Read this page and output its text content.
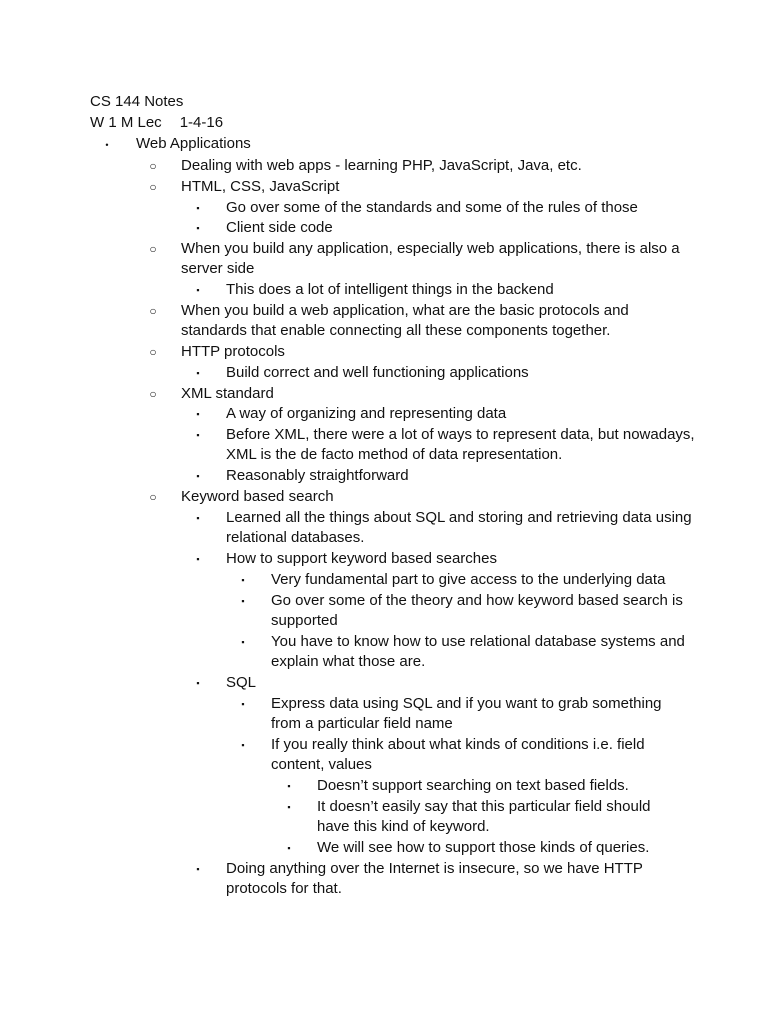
CS 144 Notes
W 1 M Lec 1-4-16
•	Web Applications
○ Dealing with web apps - learning PHP, JavaScript, Java, etc.
○ HTML, CSS, JavaScript
▪	Go over some of the standards and some of the rules of those
▪	Client side code
○ When you build any application, especially web applications, there is also a server side
▪	This does a lot of intelligent things in the backend
○ When you build a web application, what are the basic protocols and standards that enable connecting all these components together.
○ HTTP protocols
▪	Build correct and well functioning applications
○ XML standard
▪	A way of organizing and representing data
▪	Before XML, there were a lot of ways to represent data, but nowadays, XML is the de facto method of data representation.
▪	Reasonably straightforward
○ Keyword based search
▪	Learned all the things about SQL and storing and retrieving data using relational databases.
▪	How to support keyword based searches
▪	Very fundamental part to give access to the underlying data
▪	Go over some of the theory and how keyword based search is supported
▪	You have to know how to use relational database systems and explain what those are.
▪	SQL
▪	Express data using SQL and if you want to grab something from a particular field name
▪	If you really think about what kinds of conditions i.e. field content, values
▪	Doesn’t support searching on text based fields.
▪	It doesn’t easily say that this particular field should have this kind of keyword.
▪	We will see how to support those kinds of queries.
▪	Doing anything over the Internet is insecure, so we have HTTP protocols for that.
